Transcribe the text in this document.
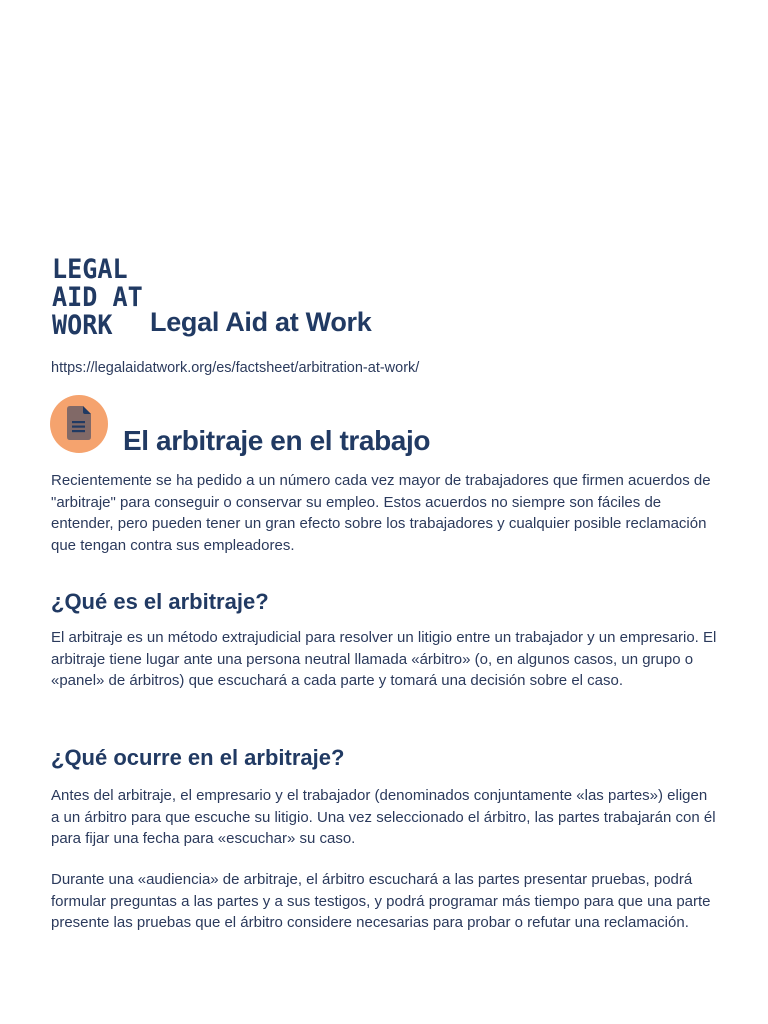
LEGAL
AID AT
WORK	Legal Aid at Work
https://legalaidatwork.org/es/factsheet/arbitration-at-work/
El arbitraje en el trabajo

Recientemente se ha pedido a un número cada vez mayor de trabajadores que firmen acuerdos de "arbitraje" para conseguir o conservar su empleo. Estos acuerdos no siempre son fáciles de entender, pero pueden tener un gran efecto sobre los trabajadores y cualquier posible reclamación que tengan contra sus empleadores.

¿Qué es el arbitraje?

El arbitraje es un método extrajudicial para resolver un litigio entre un trabajador y un empresario. El arbitraje tiene lugar ante una persona neutral llamada «árbitro» (o, en algunos casos, un grupo o «panel» de árbitros) que escuchará a cada parte y tomará una decisión sobre el caso.

¿Qué ocurre en el arbitraje?

Antes del arbitraje, el empresario y el trabajador (denominados conjuntamente «las partes») eligen a un árbitro para que escuche su litigio. Una vez seleccionado el árbitro, las partes trabajarán con él para fijar una fecha para «escuchar» su caso.

Durante una «audiencia» de arbitraje, el árbitro escuchará a las partes presentar pruebas, podrá formular preguntas a las partes y a sus testigos, y podrá programar más tiempo para que una parte presente las pruebas que el árbitro considere necesarias para probar o refutar una reclamación.
